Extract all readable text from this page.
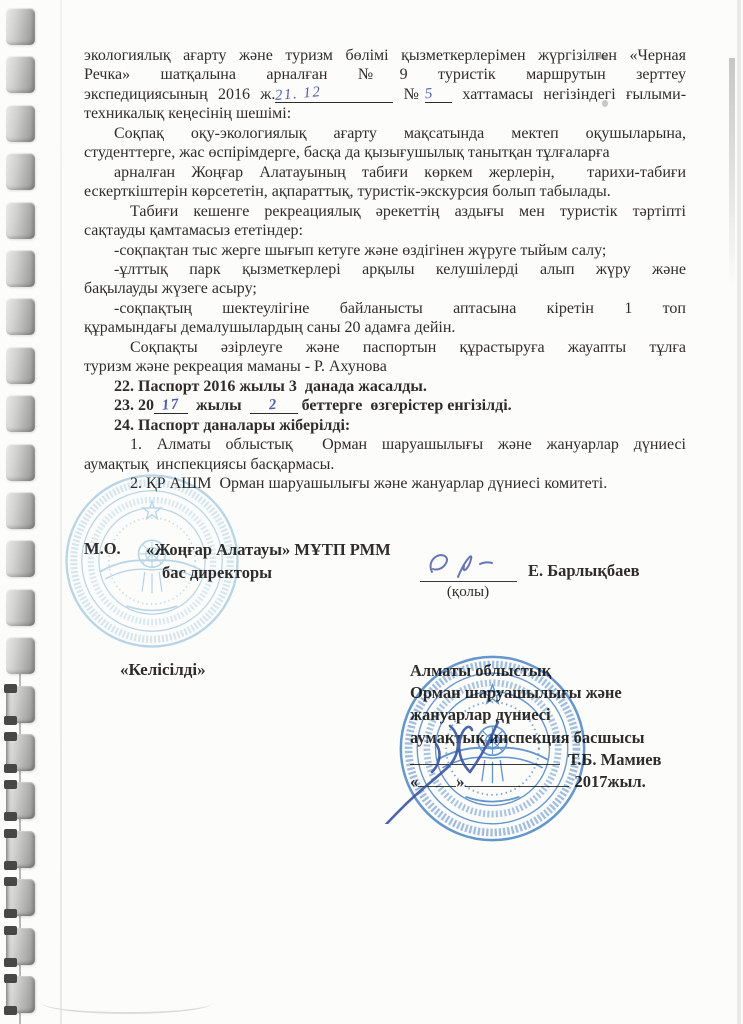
экологиялық ағарту және туризм бөлімі қызметкерлерімен жүргізілген «Черная
Речка» шатқалына арналған №9 туристік маршрутын зерттеу
экспедициясының 2016 ж.21. 12	№5 хаттамасы негізіндегі ғылыми-
техникалық кеңесінің шешімі:
Соқпақ оқу-экологиялық ағарту мақсатында мектеп оқушыларына,
студенттерге, жас өспірімдерге, басқа да қызығушылық танытқан тұлғаларға
арналған Жоңғар Алатауының табиғи көркем жерлерін,  тарихи-табиғи
ескерткіштерін көрсететін, ақпараттық, туристік-экскурсия болып табылады.
Табиғи кешенге рекреациялық әрекеттің аздығы мен туристік тәртіпті
сақтауды қамтамасыз ететіндер:
-соқпақтан тыс жерге шығып кетуге және өздігінен жүруге тыйым салу;
-ұлттық парк қызметкерлері арқылы келушілерді алып жүру және
бақылауды жүзеге асыру;
-соқпақтың шектеулігіне байланысты аптасына кіретін 1 топ
құрамындағы демалушылардың саны 20 адамға дейін.
Соқпақты әзірлеуге және паспортын құрастыруға жауапты тұлға
туризм және рекреация маманы - Р. Ахунова
22. Паспорт 2016 жылы 3  данада жасалды.
23. 20 17  жылы  2 беттерге  өзгерістер енгізілді.
24. Паспорт даналары жіберілді:
1. Алматы облыстық  Орман шаруашылығы және жануарлар дүниесі
аумақтық  инспекциясы басқармасы.
2. ҚР АШМ  Орман шаруашылығы және жануарлар дүниесі комитеті.
М.О. «Жоңғар Алатауы» МҰТП РММ
бас директоры
(қолы)
Е. Барлықбаев
«Келісілді»	Алматы облыстық
Орман шаруашылығы және
жануарлар дүниесі
аумақтық инспекция басшысы
Т.Б. Мамиев
« »	2017жыл.
